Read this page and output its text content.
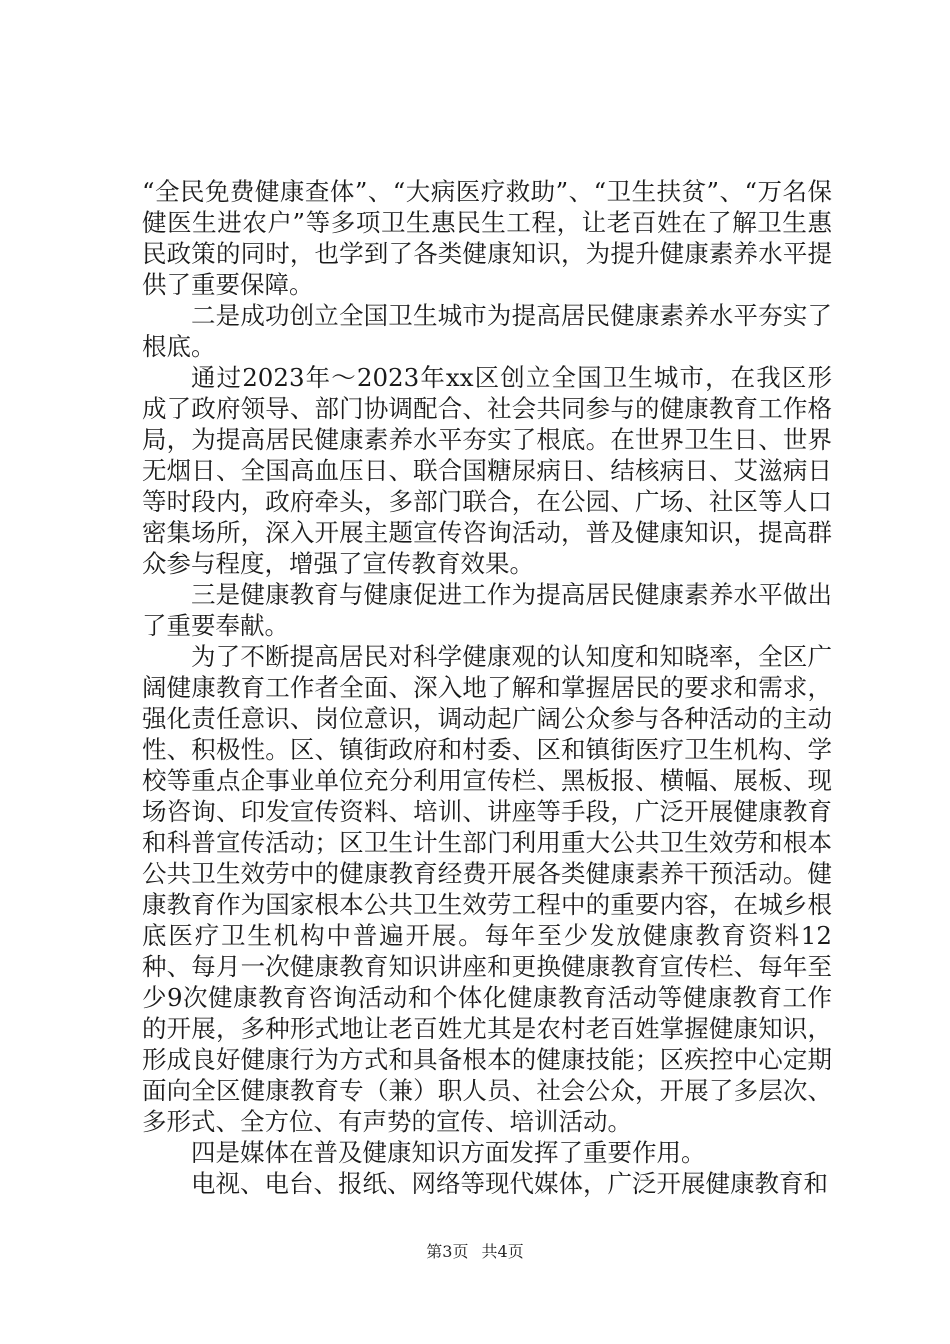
“全民免费健康查体”、“大病医疗救助”、“卫生扶贫”、“万名保健医生进农户”等多项卫生惠民生工程，让老百姓在了解卫生惠民政策的同时，也学到了各类健康知识，为提升健康素养水平提供了重要保障。

二是成功创立全国卫生城市为提高居民健康素养水平夯实了根底。

通过2023年～2023年xx区创立全国卫生城市，在我区形成了政府领导、部门协调配合、社会共同参与的健康教育工作格局，为提高居民健康素养水平夯实了根底。在世界卫生日、世界无烟日、全国高血压日、联合国糖尿病日、结核病日、艾滋病日等时段内，政府牵头，多部门联合，在公园、广场、社区等人口密集场所，深入开展主题宣传咨询活动，普及健康知识，提高群众参与程度，增强了宣传教育效果。

三是健康教育与健康促进工作为提高居民健康素养水平做出了重要奉献。

为了不断提高居民对科学健康观的认知度和知晓率，全区广阔健康教育工作者全面、深入地了解和掌握居民的要求和需求，强化责任意识、岗位意识，调动起广阔公众参与各种活动的主动性、积极性。区、镇街政府和村委、区和镇街医疗卫生机构、学校等重点企事业单位充分利用宣传栏、黑板报、横幅、展板、现场咨询、印发宣传资料、培训、讲座等手段，广泛开展健康教育和科普宣传活动；区卫生计生部门利用重大公共卫生效劳和根本公共卫生效劳中的健康教育经费开展各类健康素养干预活动。健康教育作为国家根本公共卫生效劳工程中的重要内容，在城乡根底医疗卫生机构中普遍开展。每年至少发放健康教育资料12种、每月一次健康教育知识讲座和更换健康教育宣传栏、每年至少9次健康教育咨询活动和个体化健康教育活动等健康教育工作的开展，多种形式地让老百姓尤其是农村老百姓掌握健康知识，形成良好健康行为方式和具备根本的健康技能；区疾控中心定期面向全区健康教育专（兼）职人员、社会公众，开展了多层次、多形式、全方位、有声势的宣传、培训活动。

四是媒体在普及健康知识方面发挥了重要作用。

电视、电台、报纸、网络等现代媒体，广泛开展健康教育和

第3页 共4页
